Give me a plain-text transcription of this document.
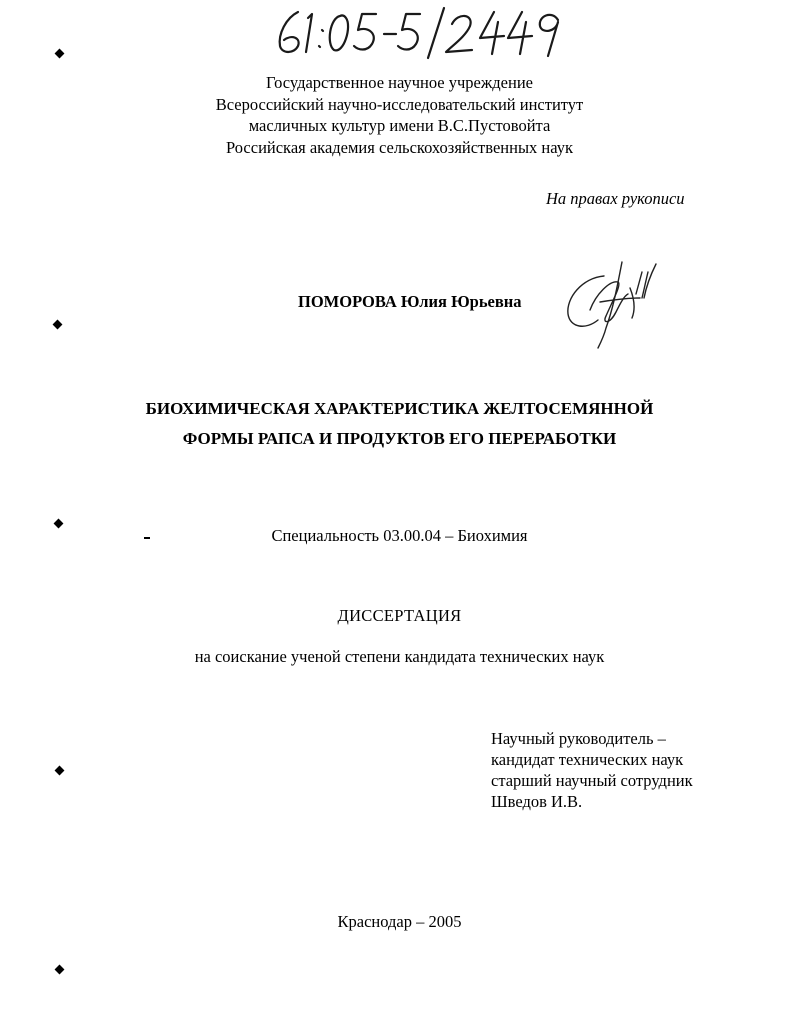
Государственное научное учреждение
Всероссийский научно-исследовательский институт
масличных культур имени В.С.Пустовойта
Российская академия сельскохозяйственных наук
На правах рукописи
ПОМОРОВА Юлия Юрьевна
БИОХИМИЧЕСКАЯ ХАРАКТЕРИСТИКА ЖЕЛТОСЕМЯННОЙ
ФОРМЫ РАПСА И ПРОДУКТОВ ЕГО ПЕРЕРАБОТКИ
Специальность 03.00.04 – Биохимия
ДИССЕРТАЦИЯ
на соискание ученой степени кандидата технических наук
Научный руководитель –
кандидат технических наук
старший научный сотрудник
Шведов И.В.
Краснодар – 2005
